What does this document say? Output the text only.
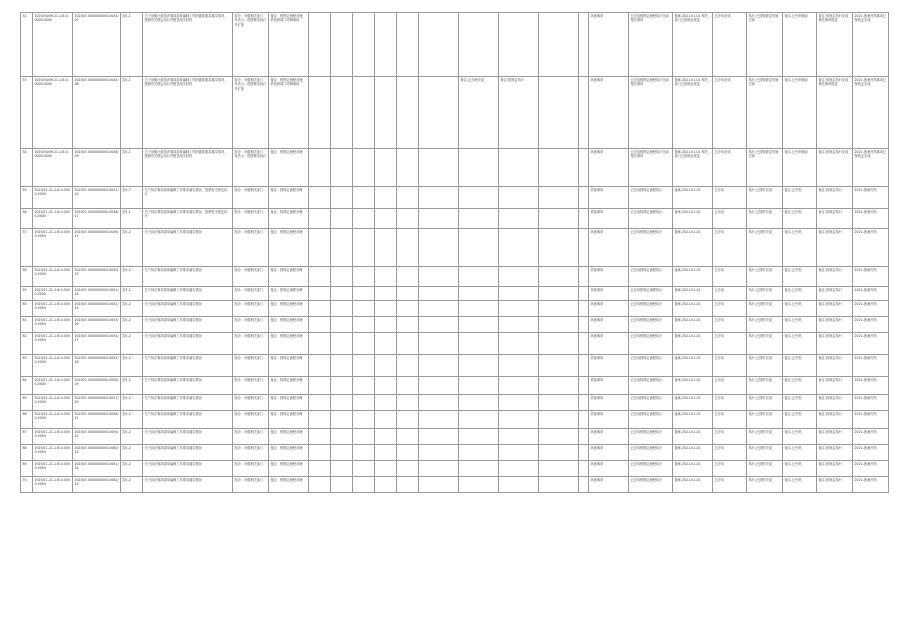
52	2020/04/09-21-1-6-0-0000-0000	202007-0000000000-0044/07	经1.1	关于省级行政执法事项清单编制工作的通知要求落实情况，按照有关规定执行并报送相关材料	经办：市级相关部门 负责人：按照要求执行并汇报	备注：按规定流程办理，涉及跨部门协调事项											其他事项	已办结按规定流程执行完成相关事项	备案-2021-01-01 相关部门已按规定报送	已办结完成	执行-已按照规定时间完成	备注-已归档保存	备注-按规定执行完成相关事项报送	2021-备案归档事项已按规定完成
53	2020/04/09-21-1-6-0-0000-0000	202007-0000000000-0045/08	经1.1	关于省级行政执法事项清单编制工作的通知要求落实情况，按照有关规定执行并报送相关材料	经办：市级相关部门 负责人：按照要求执行并汇报	备注：按规定流程办理，涉及跨部门协调事项							备注-已办理完成	备注-按规定执行			其他事项	已办结按规定流程执行完成相关事项	备案-2021-01-01 相关部门已按规定报送	已办结完成	执行-已按照规定时间完成	备注-已归档保存	备注-按规定执行完成相关事项报送	2021-备案归档事项已按规定完成
54	2020/04/09-21-1-6-0-0000-0000	202007-0000000000-0046/09	经1.1	关于省级行政执法事项清单编制工作的通知要求落实情况，按照有关规定执行并报送相关材料	经办：市级相关部门 负责人：按照要求执行	备注：按规定流程办理											其他事项	已办结按规定流程执行完成相关事项	备案-2021-01-01 相关部门已按规定报送	已办结完成	执行-已按照规定时间完成	备注-已归档保存	备注-按规定执行完成	2021-备案归档事项已按规定完成
55	2020/11-21-1-6-0-0000-0000	202007-0000000000-0047/10	经1.7	关于执法事项清单编制工作要求落实情况，按照有关规定执行	经办：市级相关部门	备注：按规定流程办理											其他事项	已办结按规定流程执行	备案-2021-01-01	已办结	执行-已按时完成	备注-已归档	备注-按规定执行	2021-备案归档
56	2020/11-21-1-6-0-0000-0000	202007-0000000000-0048/11	经1.1	关于执法事项清单编制工作要求落实情况，按照有关规定执行	经办：市级相关部门	备注：按规定流程办理											其他事项	已办结按规定流程执行	备案-2021-01-01	已办结	执行-已按时完成	备注-已归档	备注-按规定执行	2021-备案归档
57	2020/11-21-1-6-0-0000-0000	202007-0000000000-0049/12	经1.2	关于执法事项清单编制工作要求落实情况	经办：市级相关部门	备注：按规定流程办理											其他事项	已办结按规定流程执行	备案-2021-01-01	已办结	执行-已按时完成	备注-已归档	备注-按规定执行	2021-备案归档
58	2020/11-21-1-6-0-0000-0000	202007-0000000000-0050/13	经1.2	关于执法事项清单编制工作要求落实情况	经办：市级相关部门	备注：按规定流程办理											其他事项	已办结按规定流程执行	备案-2021-01-01	已办结	执行-已按时完成	备注-已归档	备注-按规定执行	2021-备案归档
59	2020/11-21-1-6-0-0000-0000	202007-0000000000-0051/14	经1.2	关于执法事项清单编制工作要求落实情况	经办：市级相关部门	备注：按规定流程办理											其他事项	已办结按规定流程执行	备案-2021-01-01	已办结	执行-已按时完成	备注-已归档	备注-按规定执行	2021-备案归档
60	2020/11-21-1-6-0-0000-0000	202007-0000000000-0052/15	经1.2	关于执法事项清单编制工作要求落实情况	经办：市级相关部门	备注：按规定流程办理											其他事项	已办结按规定流程执行	备案-2021-01-01	已办结	执行-已按时完成	备注-已归档	备注-按规定执行	2021-备案归档
61	2020/11-21-1-6-0-0000-0000	202007-0000000000-0053/16	经1.2	关于执法事项清单编制工作要求落实情况	经办：市级相关部门	备注：按规定流程办理											其他事项	已办结按规定流程执行	备案-2021-01-01	已办结	执行-已按时完成	备注-已归档	备注-按规定执行	2021-备案归档
62	2020/11-21-1-6-0-0000-0000	202007-0000000000-0054/17	经1.2	关于执法事项清单编制工作要求落实情况	经办：市级相关部门	备注：按规定流程办理											其他事项	已办结按规定流程执行	备案-2021-01-01	已办结	执行-已按时完成	备注-已归档	备注-按规定执行	2021-备案归档
63	2020/11-21-1-6-0-0000-0000	202007-0000000000-0055/18	经1.2	关于执法事项清单编制工作要求落实情况	经办：市级相关部门	备注：按规定流程办理											其他事项	已办结按规定流程执行	备案-2021-01-01	已办结	执行-已按时完成	备注-已归档	备注-按规定执行	2021-备案归档
64	2020/11-21-1-6-0-0000-0000	202007-0000000000-0056/19	经1.2	关于执法事项清单编制工作要求落实情况	经办：市级相关部门	备注：按规定流程办理											其他事项	已办结按规定流程执行	备案-2021-01-01	已办结	执行-已按时完成	备注-已归档	备注-按规定执行	2021-备案归档
65	2020/11-21-1-6-0-0000-0000	202007-0000000000-0057/20	经1.2	关于执法事项清单编制工作要求落实情况	经办：市级相关部门	备注：按规定流程办理											其他事项	已办结按规定流程执行	备案-2021-01-01	已办结	执行-已按时完成	备注-已归档	备注-按规定执行	2021-备案归档
66	2020/11-21-1-6-0-0000-0000	202007-0000000000-0058/21	经1.2	关于执法事项清单编制工作要求落实情况	经办：市级相关部门	备注：按规定流程办理											其他事项	已办结按规定流程执行	备案-2021-01-01	已办结	执行-已按时完成	备注-已归档	备注-按规定执行	2021-备案归档
67	2020/11-21-1-6-0-0000-0000	202007-0000000000-0059/22	经1.2	关于执法事项清单编制工作要求落实情况	经办：市级相关部门	备注：按规定流程办理											其他事项	已办结按规定流程执行	备案-2021-01-01	已办结	执行-已按时完成	备注-已归档	备注-按规定执行	2021-备案归档
68	2020/11-21-1-6-0-0000-0000	202007-0000000000-0060/23	经1.2	关于执法事项清单编制工作要求落实情况	经办：市级相关部门	备注：按规定流程办理											其他事项	已办结按规定流程执行	备案-2021-01-01	已办结	执行-已按时完成	备注-已归档	备注-按规定执行	2021-备案归档
69	2020/11-21-1-6-0-0000-0000	202007-0000000000-0061/24	经1.2	关于执法事项清单编制工作要求落实情况	经办：市级相关部门	备注：按规定流程办理											其他事项	已办结按规定流程执行	备案-2021-01-01	已办结	执行-已按时完成	备注-已归档	备注-按规定执行	2021-备案归档
70	2020/11-21-1-6-0-0000-0000	202007-0000000000-0062/25	经1.2	关于执法事项清单编制工作要求落实情况	经办：市级相关部门	备注：按规定流程办理											其他事项	已办结按规定流程执行	备案-2021-01-01	已办结	执行-已按时完成	备注-已归档	备注-按规定执行	2021-备案归档
